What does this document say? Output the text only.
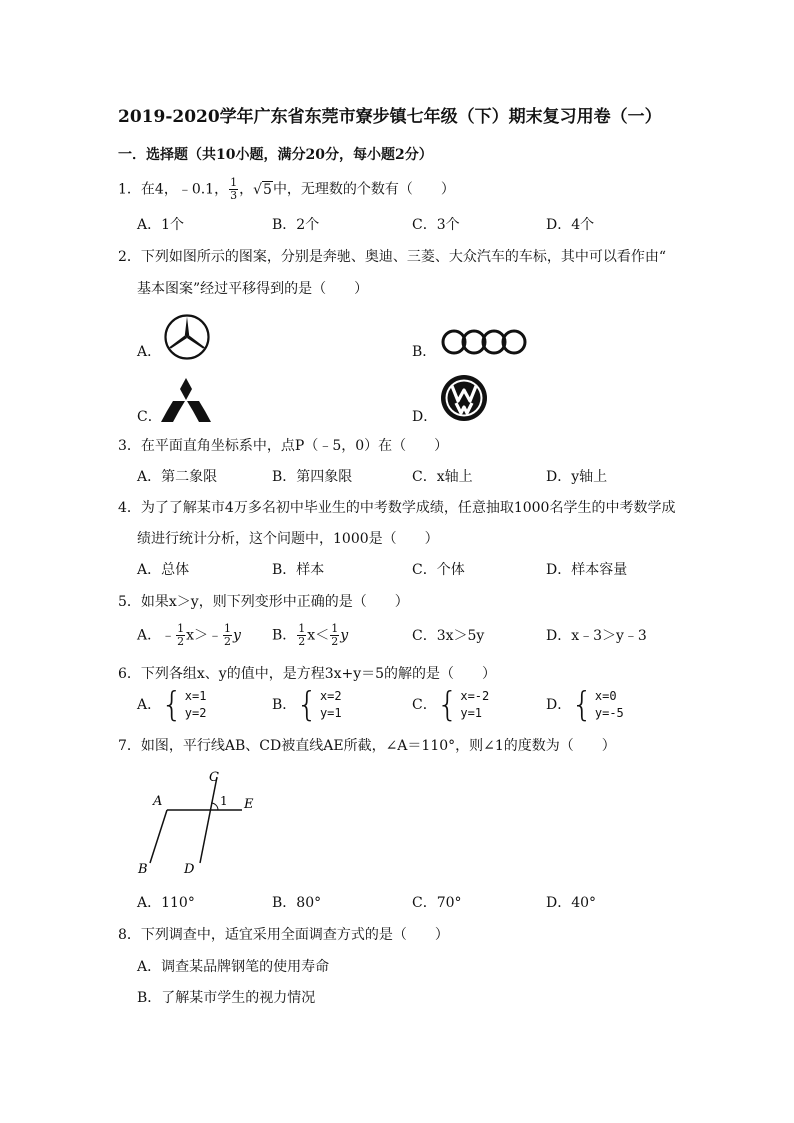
2019-2020学年广东省东莞市寮步镇七年级（下）期末复习用卷（一）
一．选择题（共10小题，满分20分，每小题2分）
1．在4，﹣0.1， $\frac{1}{3}$ ，√5中，无理数的个数有（　　）
A．1个	B．2个	C．3个	D．4个
2．下列如图所示的图案，分别是奔驰、奥迪、三菱、大众汽车的车标，其中可以看作由“
基本图案”经过平移得到的是（　　）
A．	B．
C．	D．
3．在平面直角坐标系中，点P（﹣5，0）在（　　）
A．第二象限	B．第四象限	C．x轴上	D．y轴上
4．为了了解某市4万多名初中毕业生的中考数学成绩，任意抽取1000名学生的中考数学成
绩进行统计分析，这个问题中，1000是（　　）
A．总体	B．样本	C．个体	D．样本容量
5．如果x＞y，则下列变形中正确的是（　　）
A．﹣ $\frac{1}{2}$ x＞﹣ $\frac{1}{2}$ y B． $\frac{1}{2} x< \frac{1}{2}$ y	C．3x＞5y	D．x﹣3＞y﹣3
6．下列各组x、y的值中，是方程3x+y＝5的解的是（　　）
A．{ x=1
y=2	B．{ x=2
y=1	C．{ x=-2
y=1	D．{ x=0
y=-5
7．如图，平行线AB、CD被直线AE所截，∠A＝110°，则∠1的度数为（　　）
C
A	1 E
B	D
A．110°	B．80°	C．70°	D．40°
8．下列调查中，适宜采用全面调查方式的是（　　）
A．调查某品牌钢笔的使用寿命
B．了解某市学生的视力情况
